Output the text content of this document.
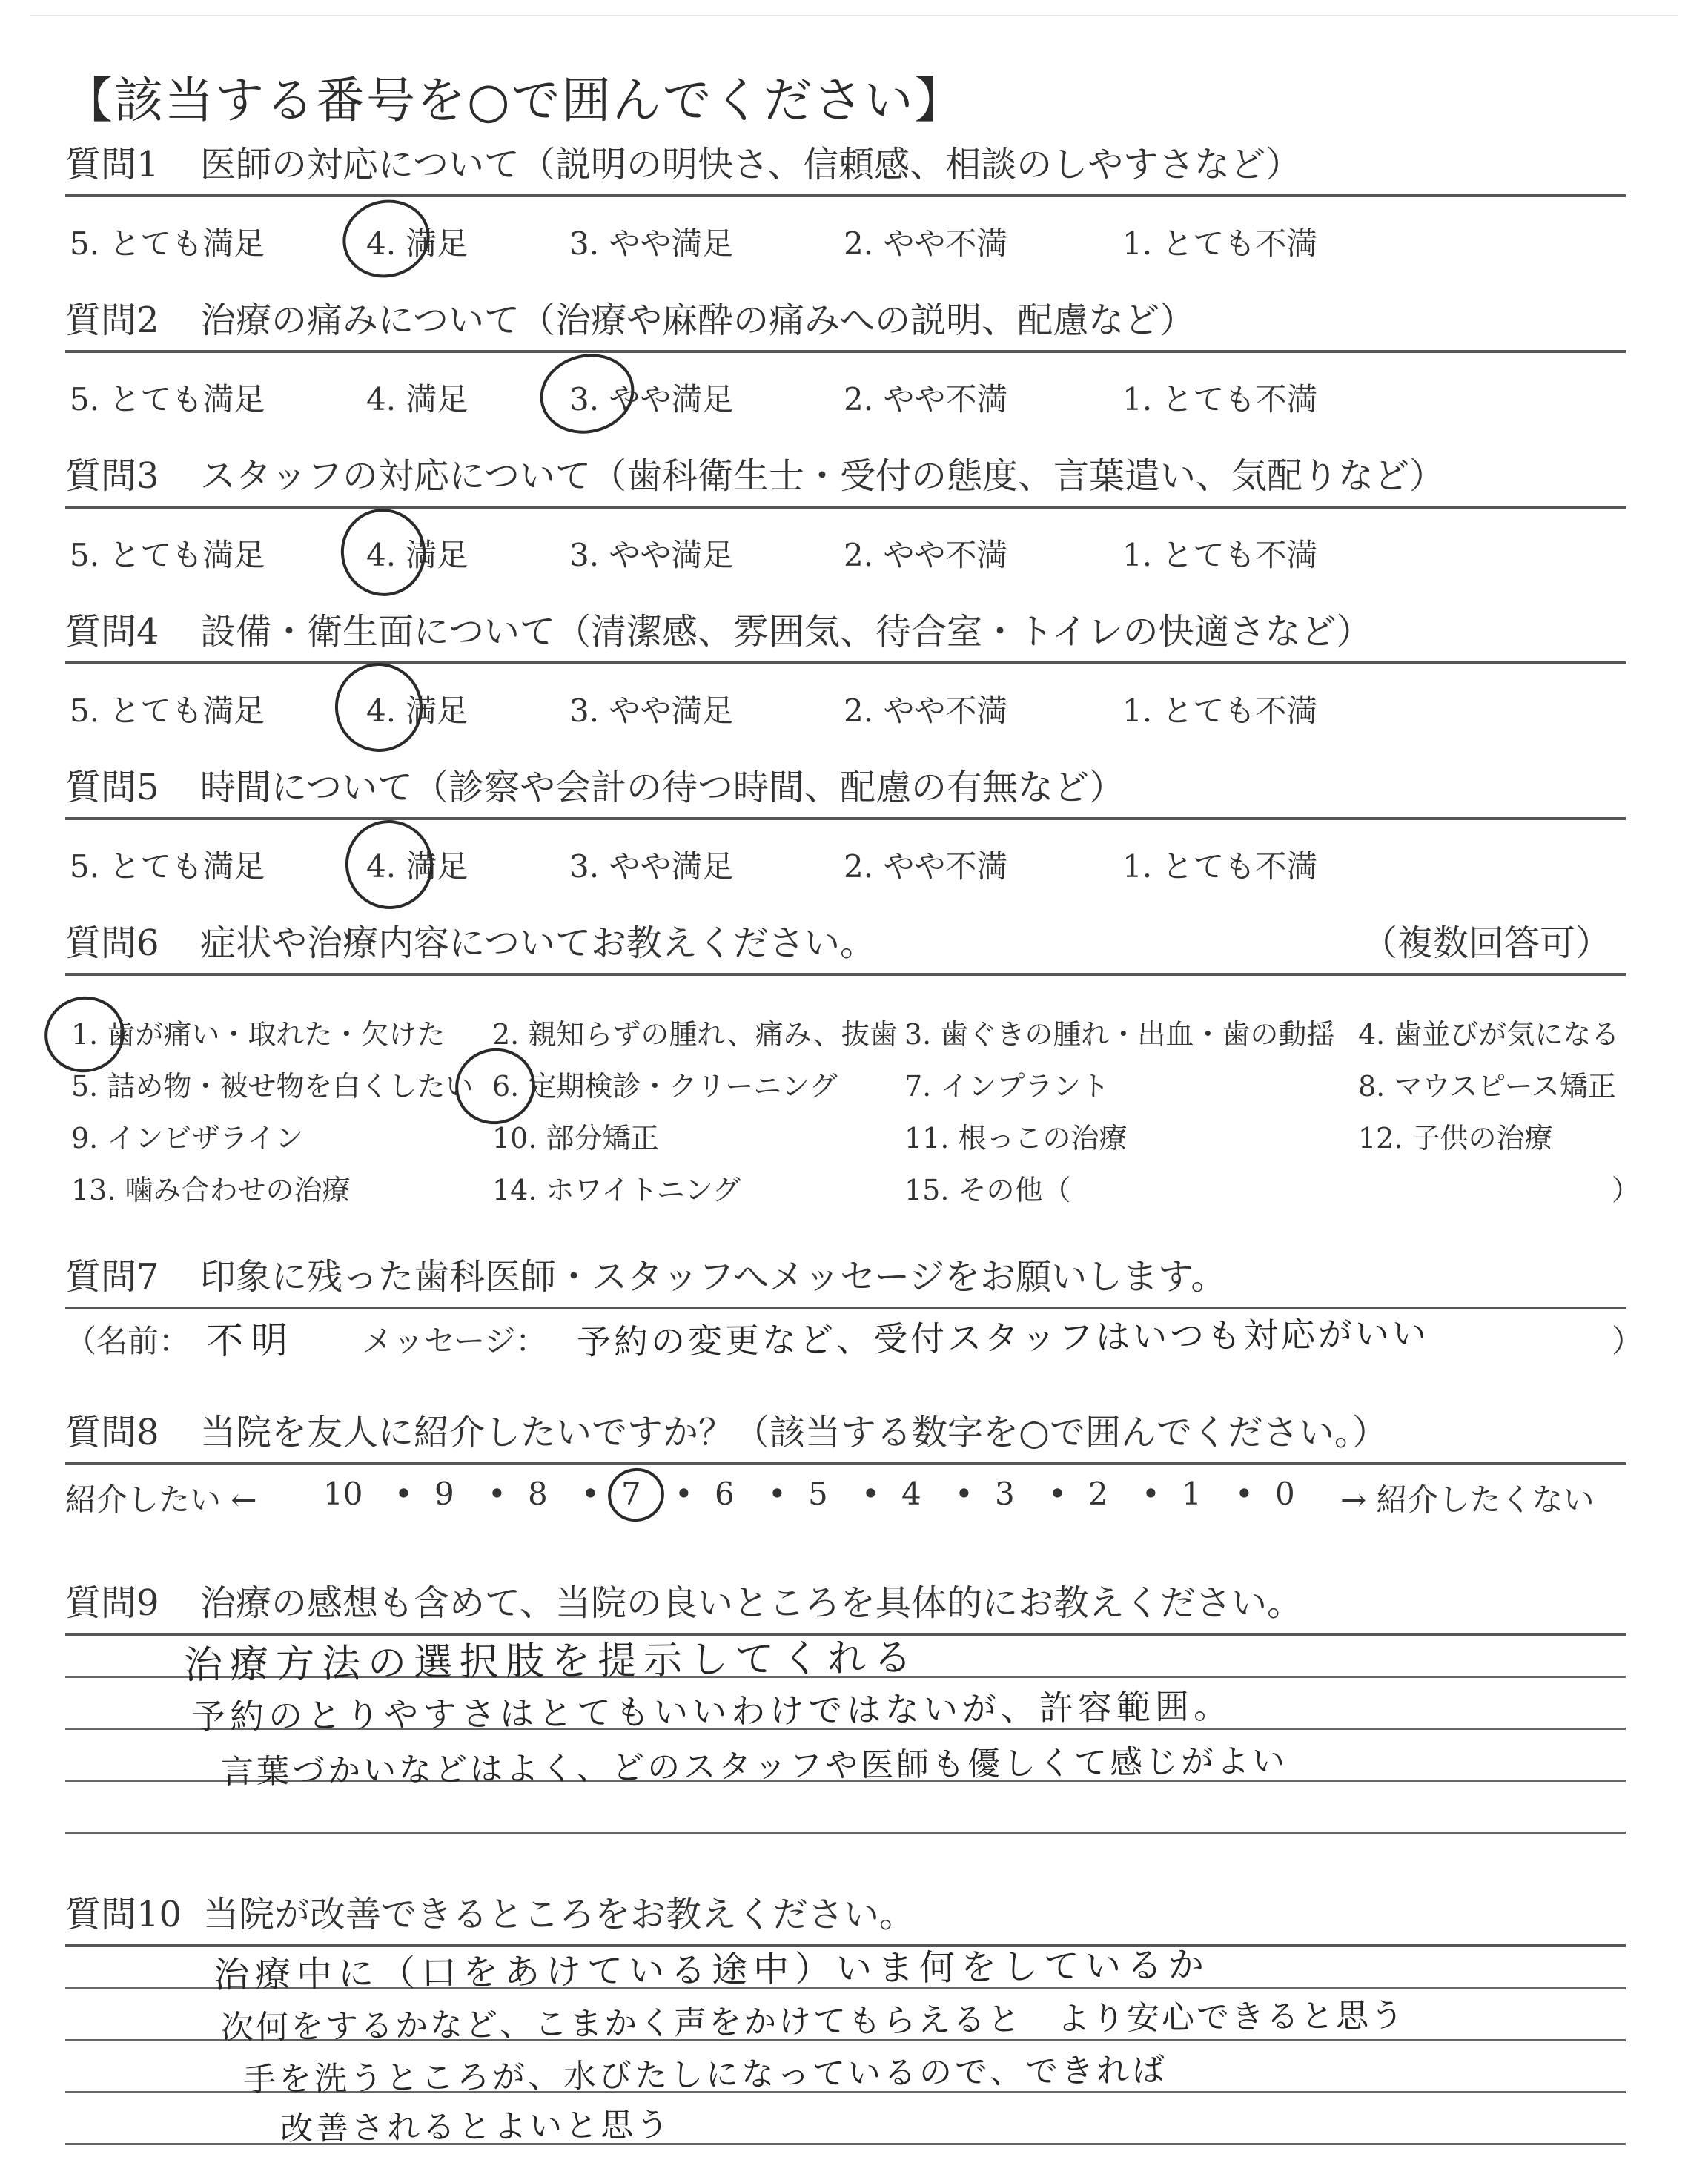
【該当する番号を○で囲んでください】
質問1 医師の対応について（説明の明快さ、信頼感、相談のしやすさなど）
5. とても満足	4. 満足	3. やや満足	2. やや不満	1. とても不満
質問2 治療の痛みについて（治療や麻酔の痛みへの説明、配慮など）
5. とても満足	4. 満足	3. やや満足	2. やや不満	1. とても不満
質問3 スタッフの対応について（歯科衛生士・受付の態度、言葉遣い、気配りなど）
5. とても満足	4. 満足	3. やや満足	2. やや不満	1. とても不満
質問4 設備・衛生面について（清潔感、雰囲気、待合室・トイレの快適さなど）
5. とても満足	4. 満足	3. やや満足	2. やや不満	1. とても不満
質問5 時間について（診察や会計の待つ時間、配慮の有無など）
5. とても満足	4. 満足	3. やや満足	2. やや不満	1. とても不満
質問6 症状や治療内容についてお教えください。	（複数回答可）
1. 歯が痛い・取れた・欠けた 2. 親知らずの腫れ、痛み、抜歯 3. 歯ぐきの腫れ・出血・歯の動揺 4. 歯並びが気になる
5. 詰め物・被せ物を白くしたい 6. 定期検診・クリーニング 7. インプラント	8. マウスピース矯正
9. インビザライン	10. 部分矯正	11. 根っこの治療	12. 子供の治療
13. 噛み合わせの治療	14. ホワイトニング	15. その他（	）
質問7 印象に残った歯科医師・スタッフへメッセージをお願いします。
（名前： 不明 メッセージ： 予約の変更など、受付スタッフはいつも対応がいい	）
質問8 当院を友人に紹介したいですか？（該当する数字を○で囲んでください。）
紹介したい ← 10 • 9 • 8 • 7 • 6 • 5 • 4 • 3 • 2 • 1 • 0 → 紹介したくない
質問9 治療の感想も含めて、当院の良いところを具体的にお教えください。
治療方法の選択肢を提示してくれる
予約のとりやすさはとてもいいわけではないが、許容範囲。
言葉づかいなどはよく、どのスタッフや医師も優しくて感じがよい
質問10 当院が改善できるところをお教えください。
治療中に（口をあけている途中）いま何をしているか
次何をするかなど、こまかく声をかけてもらえると　より安心できると思う
手を洗うところが、水びたしになっているので、できれば
改善されるとよいと思う
